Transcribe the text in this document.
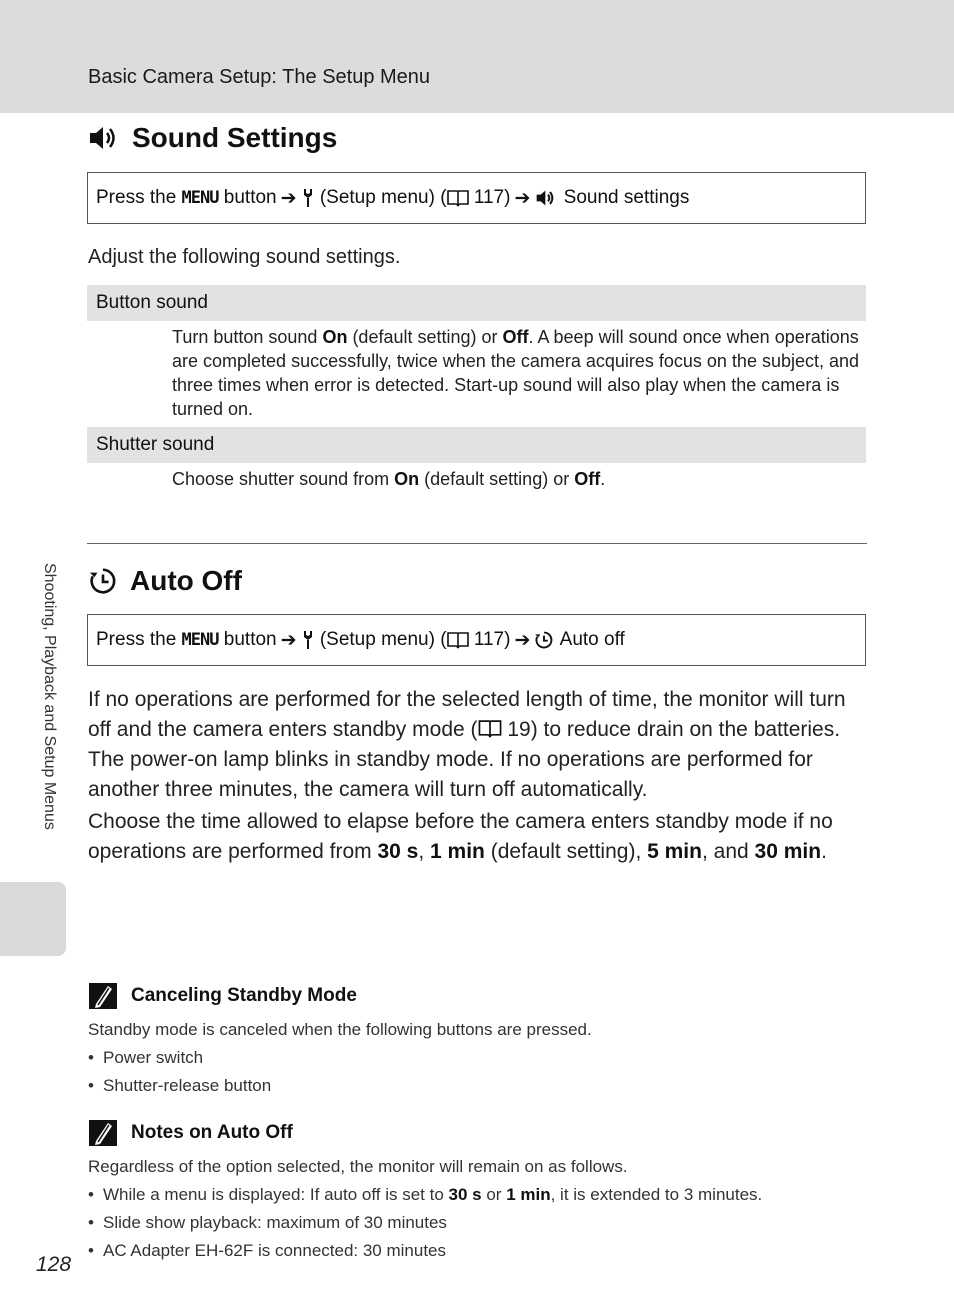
Basic Camera Setup: The Setup Menu
Sound Settings
Press the
MENU
button ➔
(Setup menu) (
117) ➔
Sound settings
Adjust the following sound settings.
Button sound
Turn button sound On (default setting) or Off. A beep will sound once when operations are completed successfully, twice when the camera acquires focus on the subject, and three times when error is detected. Start-up sound will also play when the camera is turned on.
Shutter sound
Choose shutter sound from On (default setting) or Off.
Auto Off
Press the
MENU
button ➔
(Setup menu) (
117) ➔
Auto off
If no operations are performed for the selected length of time, the monitor will turn off and the camera enters standby mode ( 19) to reduce drain on the batteries. The power-on lamp blinks in standby mode. If no operations are performed for another three minutes, the camera will turn off automatically.
Choose the time allowed to elapse before the camera enters standby mode if no operations are performed from 30 s, 1 min (default setting), 5 min, and 30 min.
Shooting, Playback and Setup Menus
Canceling Standby Mode
Standby mode is canceled when the following buttons are pressed.
• Power switch
• Shutter-release button
Notes on Auto Off
Regardless of the option selected, the monitor will remain on as follows.
• While a menu is displayed: If auto off is set to 30 s or 1 min, it is extended to 3 minutes.
• Slide show playback: maximum of 30 minutes
• AC Adapter EH-62F is connected: 30 minutes
128
